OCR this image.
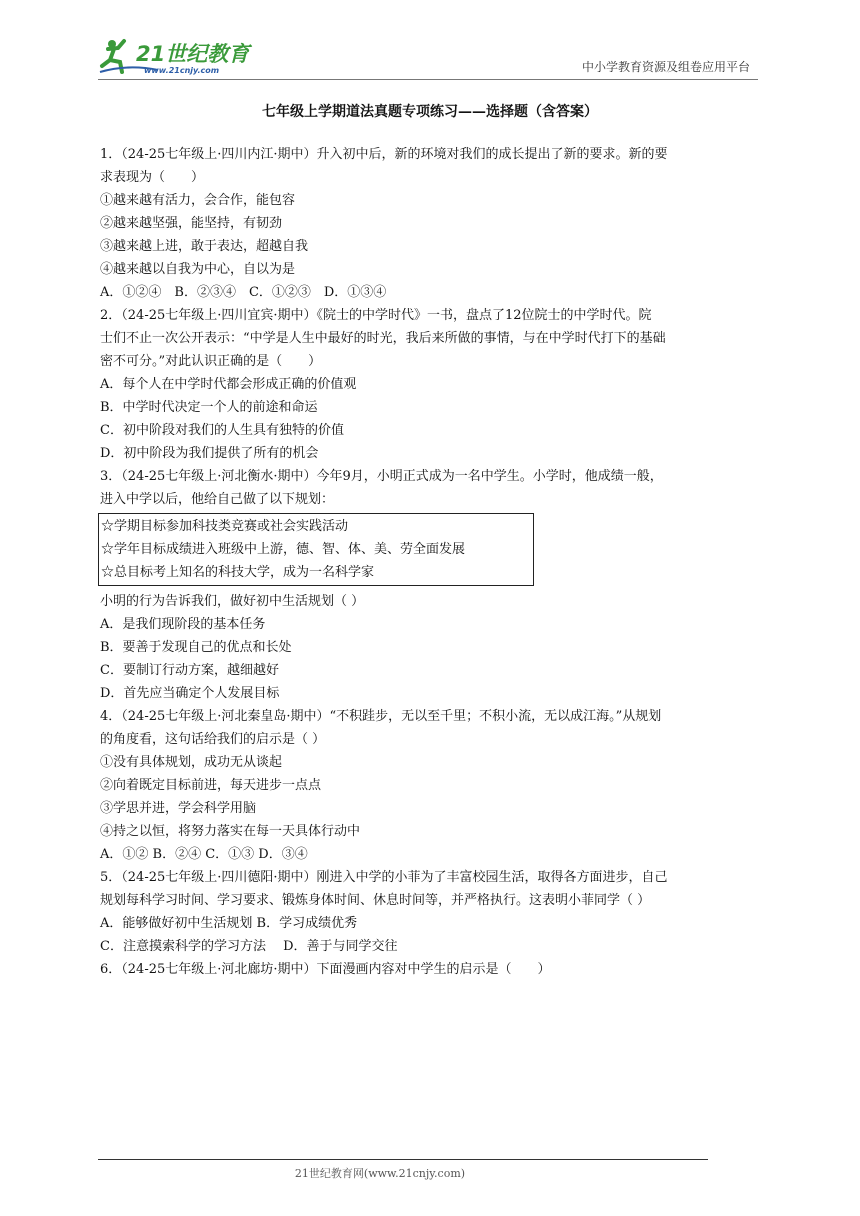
21世纪教育
www.21cnjy.com	中小学教育资源及组卷应用平台
七年级上学期道法真题专项练习——选择题（含答案）
1．（24-25七年级上·四川内江·期中）升入初中后，新的环境对我们的成长提出了新的要求。新的要
求表现为（　　）
①越来越有活力，会合作，能包容
②越来越坚强，能坚持，有韧劲
③越来越上进，敢于表达，超越自我
④越来越以自我为中心，自以为是
A．①②④　B．②③④　C．①②③　D．①③④
2．（24-25七年级上·四川宜宾·期中）《院士的中学时代》一书，盘点了12位院士的中学时代。院
士们不止一次公开表示：“中学是人生中最好的时光，我后来所做的事情，与在中学时代打下的基础
密不可分。”对此认识正确的是（　　）
A．每个人在中学时代都会形成正确的价值观
B．中学时代决定一个人的前途和命运
C．初中阶段对我们的人生具有独特的价值
D．初中阶段为我们提供了所有的机会
3．（24-25七年级上·河北衡水·期中）今年9月，小明正式成为一名中学生。小学时，他成绩一般，
进入中学以后，他给自己做了以下规划：
☆学期目标参加科技类竞赛或社会实践活动
☆学年目标成绩进入班级中上游，德、智、体、美、劳全面发展
☆总目标考上知名的科技大学，成为一名科学家
小明的行为告诉我们，做好初中生活规划（ ）
A．是我们现阶段的基本任务
B．要善于发现自己的优点和长处
C．要制订行动方案，越细越好
D．首先应当确定个人发展目标
4．（24-25七年级上·河北秦皇岛·期中）“不积跬步，无以至千里；不积小流，无以成江海。”从规划
的角度看，这句话给我们的启示是（ ）
①没有具体规划，成功无从谈起
②向着既定目标前进，每天进步一点点
③学思并进，学会科学用脑
④持之以恒，将努力落实在每一天具体行动中
A．①② B．②④ C．①③ D．③④
5．（24-25七年级上·四川德阳·期中）刚进入中学的小菲为了丰富校园生活，取得各方面进步，自己
规划每科学习时间、学习要求、锻炼身体时间、休息时间等，并严格执行。这表明小菲同学（ ）
A．能够做好初中生活规划 B．学习成绩优秀
C．注意摸索科学的学习方法　 D．善于与同学交往
6．（24-25七年级上·河北廊坊·期中）下面漫画内容对中学生的启示是（　　）
21世纪教育网(www.21cnjy.com)
